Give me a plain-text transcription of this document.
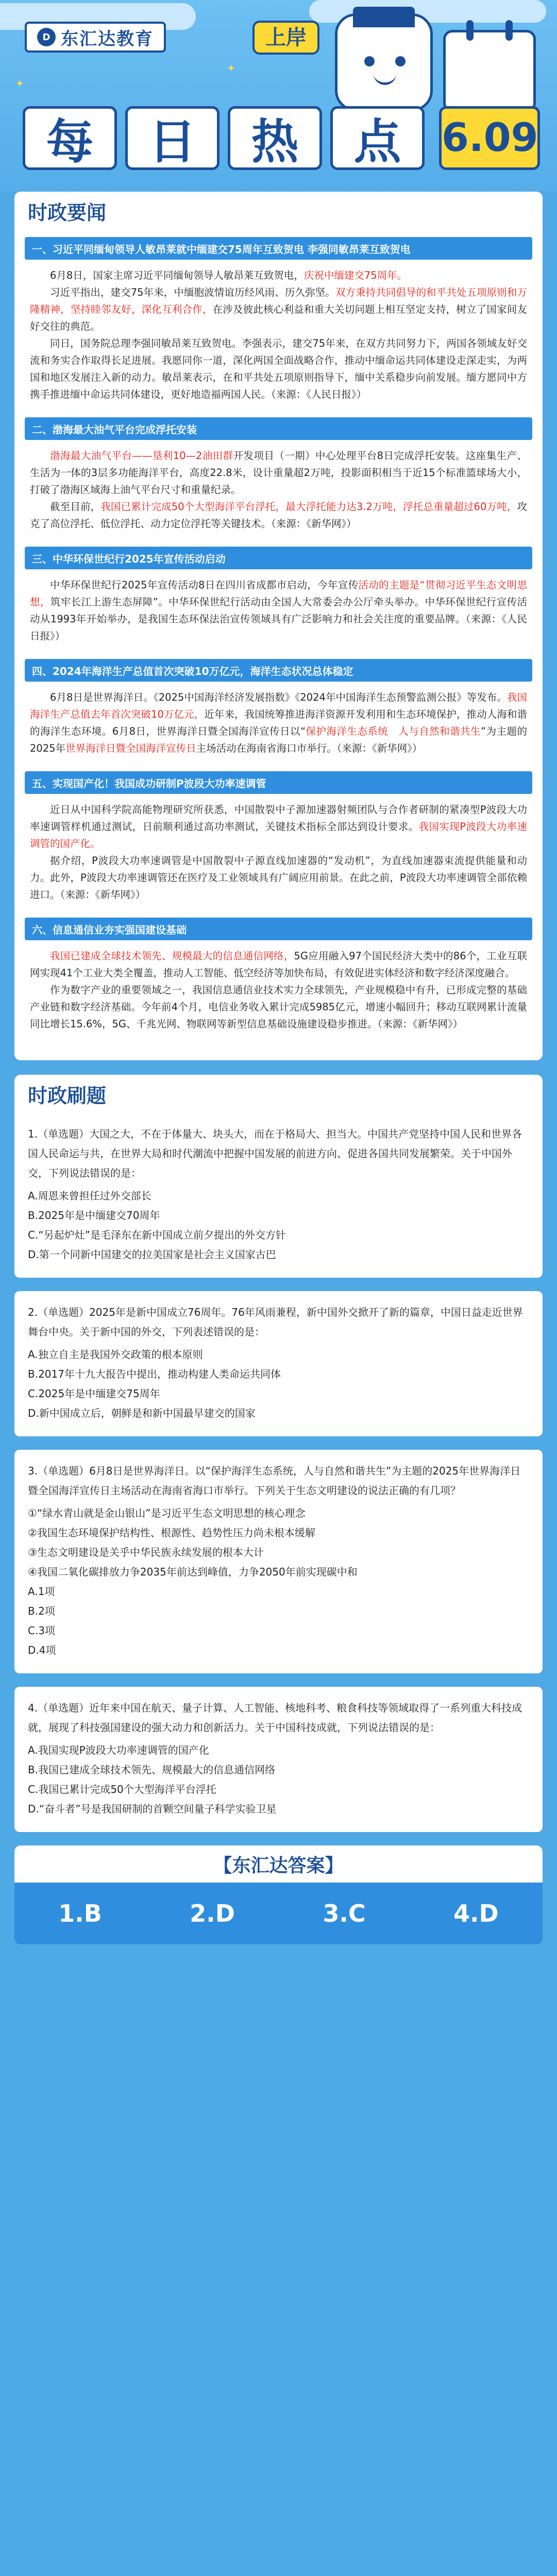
✦
✦
D 东汇达教育	上岸
每	日	热	点	6.09
时政要闻
一、习近平同缅甸领导人敏昂莱就中缅建交75周年互致贺电 李强同敏昂莱互致贺电

6月8日，国家主席习近平同缅甸领导人敏昂莱互致贺电，庆祝中缅建交75周年。

习近平指出，建交75年来，中缅胞波情谊历经风雨、历久弥坚。双方秉持共同倡导的和平共处五项原则和万隆精神，坚持睦邻友好，深化互利合作，在涉及彼此核心利益和重大关切问题上相互坚定支持，树立了国家间友好交往的典范。

同日，国务院总理李强同敏昂莱互致贺电。李强表示，建交75年来，在双方共同努力下，两国各领域友好交流和务实合作取得长足进展。我愿同你一道，深化两国全面战略合作，推动中缅命运共同体建设走深走实，为两国和地区发展注入新的动力。敏昂莱表示，在和平共处五项原则指导下，缅中关系稳步向前发展。缅方愿同中方携手推进缅中命运共同体建设，更好地造福两国人民。（来源：《人民日报》）

二、渤海最大油气平台完成浮托安装

渤海最大油气平台——垦利10—2油田群开发项目（一期）中心处理平台8日完成浮托安装。这座集生产、生活为一体的3层多功能海洋平台，高度22.8米，设计重量超2万吨，投影面积相当于近15个标准篮球场大小，打破了渤海区域海上油气平台尺寸和重量纪录。

截至目前，我国已累计完成50个大型海洋平台浮托，最大浮托能力达3.2万吨，浮托总重量超过60万吨，攻克了高位浮托、低位浮托、动力定位浮托等关键技术。（来源：《新华网》）

三、中华环保世纪行2025年宣传活动启动

中华环保世纪行2025年宣传活动8日在四川省成都市启动，今年宣传活动的主题是“贯彻习近平生态文明思想，筑牢长江上游生态屏障”。中华环保世纪行活动由全国人大常委会办公厅牵头举办。中华环保世纪行宣传活动从1993年开始举办，是我国生态环保法治宣传领域具有广泛影响力和社会关注度的重要品牌。（来源：《人民日报》）

四、2024年海洋生产总值首次突破10万亿元，海洋生态状况总体稳定

6月8日是世界海洋日。《2025中国海洋经济发展指数》《2024年中国海洋生态预警监测公报》等发布。我国海洋生产总值去年首次突破10万亿元，近年来，我国统筹推进海洋资源开发利用和生态环境保护，推动人海和谐的海洋生态环境。6月8日，世界海洋日暨全国海洋宣传日以“保护海洋生态系统　人与自然和谐共生”为主题的2025年世界海洋日暨全国海洋宣传日主场活动在海南省海口市举行。（来源：《新华网》）

五、实现国产化！我国成功研制P波段大功率速调管

近日从中国科学院高能物理研究所获悉，中国散裂中子源加速器射频团队与合作者研制的紧凑型P波段大功率速调管样机通过测试，日前顺利通过高功率测试，关键技术指标全部达到设计要求。我国实现P波段大功率速调管的国产化。

据介绍，P波段大功率速调管是中国散裂中子源直线加速器的“发动机”，为直线加速器束流提供能量和动力。此外，P波段大功率速调管还在医疗及工业领域具有广阔应用前景。在此之前，P波段大功率速调管全部依赖进口。（来源：《新华网》）

六、信息通信业夯实强国建设基础

我国已建成全球技术领先、规模最大的信息通信网络，5G应用融入97个国民经济大类中的86个，工业互联网实现41个工业大类全覆盖，推动人工智能、低空经济等加快布局，有效促进实体经济和数字经济深度融合。

作为数字产业的重要领域之一，我国信息通信业技术实力全球领先，产业规模稳中有升，已形成完整的基础产业链和数字经济基础。今年前4个月，电信业务收入累计完成5985亿元，增速小幅回升；移动互联网累计流量同比增长15.6%，5G、千兆光网、物联网等新型信息基础设施建设稳步推进。（来源：《新华网》）

时政刷题
1.（单选题）大国之大，不在于体量大、块头大，而在于格局大、担当大。中国共产党坚持中国人民和世界各国人民命运与共，在世界大局和时代潮流中把握中国发展的前进方向、促进各国共同发展繁荣。关于中国外交，下列说法错误的是：
A.周恩来曾担任过外交部长
B.2025年是中缅建交70周年
C.“另起炉灶”是毛泽东在新中国成立前夕提出的外交方针
D.第一个同新中国建交的拉美国家是社会主义国家古巴
2.（单选题）2025年是新中国成立76周年。76年风雨兼程，新中国外交掀开了新的篇章，中国日益走近世界舞台中央。关于新中国的外交，下列表述错误的是：
A.独立自主是我国外交政策的根本原则
B.2017年十九大报告中提出，推动构建人类命运共同体
C.2025年是中缅建交75周年
D.新中国成立后，朝鲜是和新中国最早建交的国家
3.（单选题）6月8日是世界海洋日。以“保护海洋生态系统，人与自然和谐共生”为主题的2025年世界海洋日暨全国海洋宣传日主场活动在海南省海口市举行。下列关于生态文明建设的说法正确的有几项？
①“绿水青山就是金山银山”是习近平生态文明思想的核心理念
②我国生态环境保护结构性、根源性、趋势性压力尚未根本缓解
③生态文明建设是关乎中华民族永续发展的根本大计
④我国二氧化碳排放力争2035年前达到峰值，力争2050年前实现碳中和
A.1项
B.2项
C.3项
D.4项
4.（单选题）近年来中国在航天、量子计算、人工智能、核地科考、粮食科技等领域取得了一系列重大科技成就，展现了科技强国建设的强大动力和创新活力。关于中国科技成就，下列说法错误的是：
A.我国实现P波段大功率速调管的国产化
B.我国已建成全球技术领先、规模最大的信息通信网络
C.我国已累计完成50个大型海洋平台浮托
D.“奋斗者”号是我国研制的首颗空间量子科学实验卫星
【东汇达答案】
1.B	2.D	3.C	4.D
